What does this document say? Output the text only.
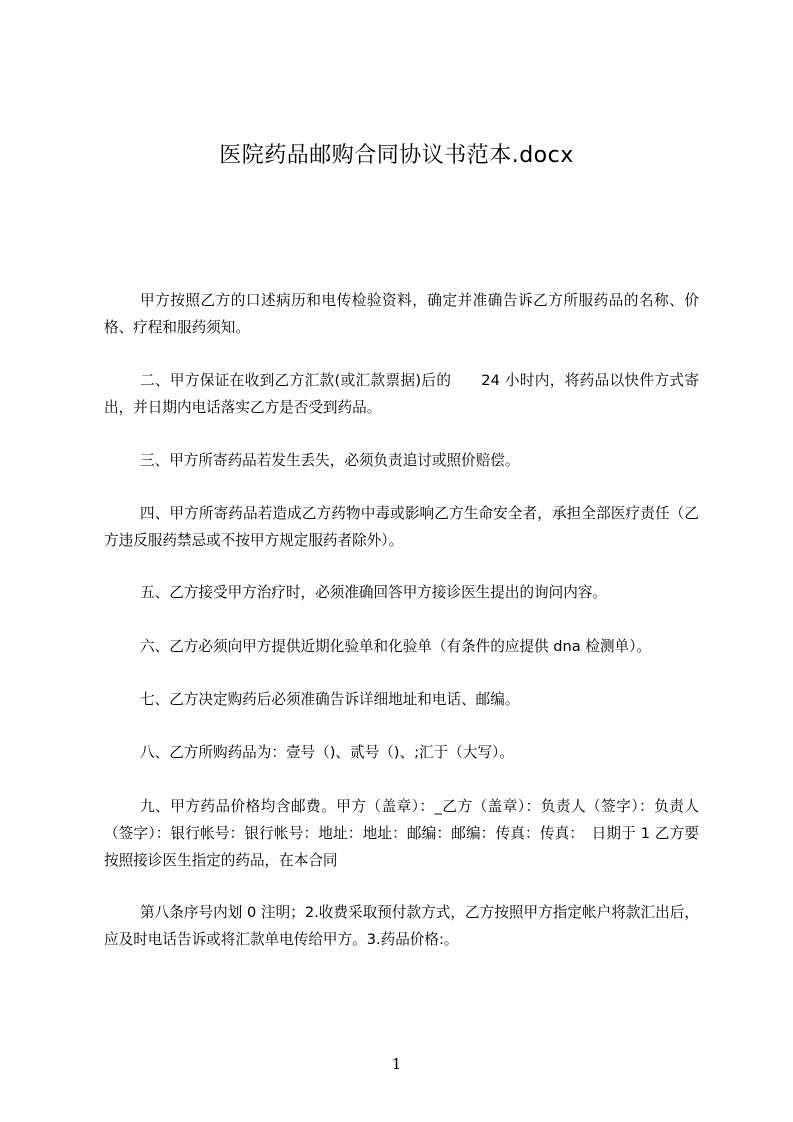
医院药品邮购合同协议书范本.docx
甲方按照乙方的口述病历和电传检验资料，确定并准确告诉乙方所服药品的名称、价格、疗程和服药须知。
二、甲方保证在收到乙方汇款(或汇款票据)后的　　24 小时内，将药品以快件方式寄出，并日期内电话落实乙方是否受到药品。
三、甲方所寄药品若发生丢失，必须负责追讨或照价赔偿。
四、甲方所寄药品若造成乙方药物中毒或影响乙方生命安全者，承担全部医疗责任（乙方违反服药禁忌或不按甲方规定服药者除外）。
五、乙方接受甲方治疗时，必须准确回答甲方接诊医生提出的询问内容。
六、乙方必须向甲方提供近期化验单和化验单（有条件的应提供 dna 检测单）。
七、乙方决定购药后必须准确告诉详细地址和电话、邮编。
八、乙方所购药品为：壹号（)、贰号（)、;汇于（大写）。
九、甲方药品价格均含邮费。甲方（盖章）：_乙方（盖章）：负责人（签字）：负责人（签字）：银行帐号：银行帐号：地址：地址：邮编：邮编：传真：传真：　日期于 1 乙方要按照接诊医生指定的药品，在本合同
第八条序号内划 0 注明；2.收费采取预付款方式，乙方按照甲方指定帐户将款汇出后，应及时电话告诉或将汇款单电传给甲方。3.药品价格:。
1
